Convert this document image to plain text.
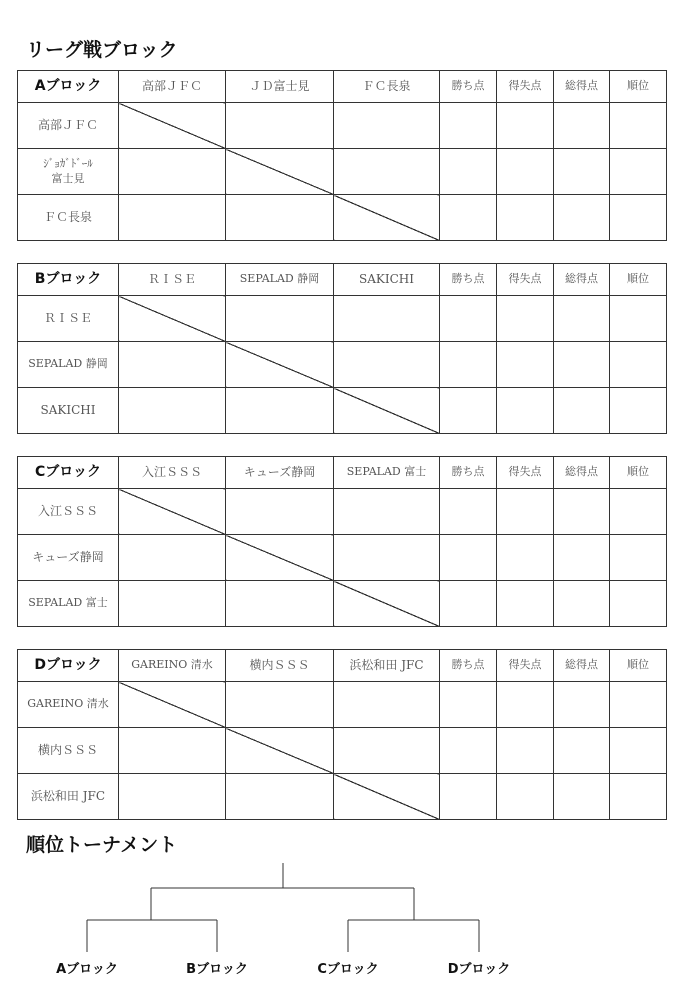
リーグ戦ブロック
Aブロック	高部ＪＦＣ	ＪＤ富士見	ＦＣ長泉	勝ち点	得失点	総得点	順位

高部ＪＦＣ							

ｼﾞｮｶﾞﾄﾞｰﾙ
富士見							

ＦＣ長泉							

Bブロック	ＲＩＳＥ	SEPALAD 静岡	SAKICHI	勝ち点	得失点	総得点	順位

ＲＩＳＥ							

SEPALAD 静岡							

SAKICHI							

Cブロック	入江ＳＳＳ	キューズ静岡	SEPALAD 富士	勝ち点	得失点	総得点	順位

入江ＳＳＳ							

キューズ静岡							

SEPALAD 富士							

Dブロック	GAREINO 清水	横内ＳＳＳ	浜松和田 JFC	勝ち点	得失点	総得点	順位

GAREINO 清水							

横内ＳＳＳ							

浜松和田 JFC							

順位トーナメント
Aブロック	Bブロック	Cブロック	Dブロック
